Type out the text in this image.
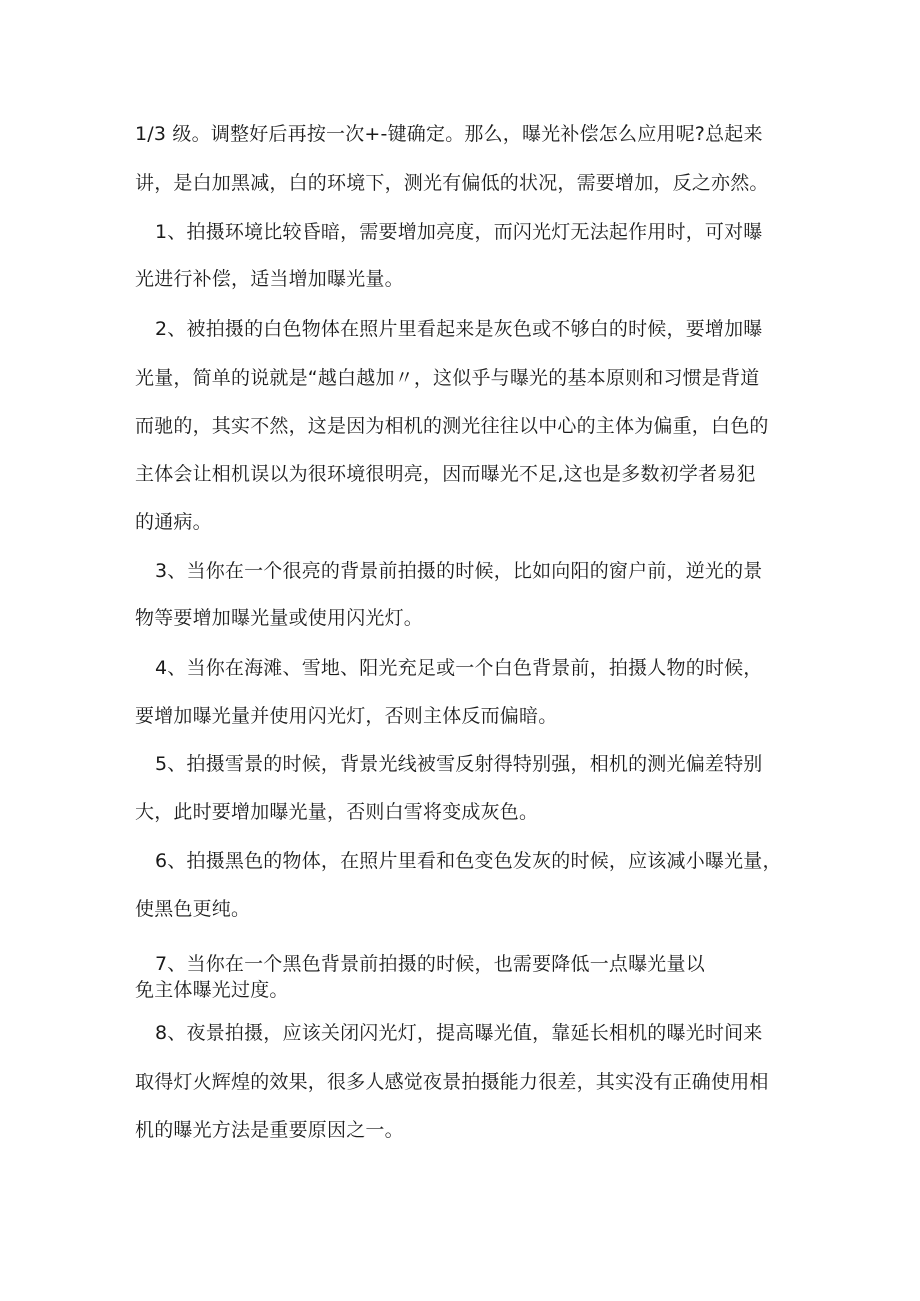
1/3 级。调整好后再按一次+-键确定。那么，曝光补偿怎么应用呢?总起来

讲，是白加黑减，白的环境下，测光有偏低的状况，需要增加，反之亦然。

1、拍摄环境比较昏暗，需要增加亮度，而闪光灯无法起作用时，可对曝

光进行补偿，适当增加曝光量。

2、被拍摄的白色物体在照片里看起来是灰色或不够白的时候，要增加曝

光量，简单的说就是“越白越加〃，这似乎与曝光的基本原则和习惯是背道

而驰的，其实不然，这是因为相机的测光往往以中心的主体为偏重，白色的

主体会让相机误以为很环境很明亮，因而曝光不足,这也是多数初学者易犯

的通病。

3、当你在一个很亮的背景前拍摄的时候，比如向阳的窗户前，逆光的景

物等要增加曝光量或使用闪光灯。

4、当你在海滩、雪地、阳光充足或一个白色背景前，拍摄人物的时候，

要增加曝光量并使用闪光灯，否则主体反而偏暗。

5、拍摄雪景的时候，背景光线被雪反射得特别强，相机的测光偏差特别

大，此时要增加曝光量，否则白雪将变成灰色。

6、拍摄黑色的物体，在照片里看和色变色发灰的时候，应该减小曝光量，

使黑色更纯。

7、当你在一个黑色背景前拍摄的时候，也需要降低一点曝光量以

免主体曝光过度。

8、夜景拍摄，应该关闭闪光灯，提高曝光值，靠延长相机的曝光时间来

取得灯火辉煌的效果，很多人感觉夜景拍摄能力很差，其实没有正确使用相

机的曝光方法是重要原因之一。
